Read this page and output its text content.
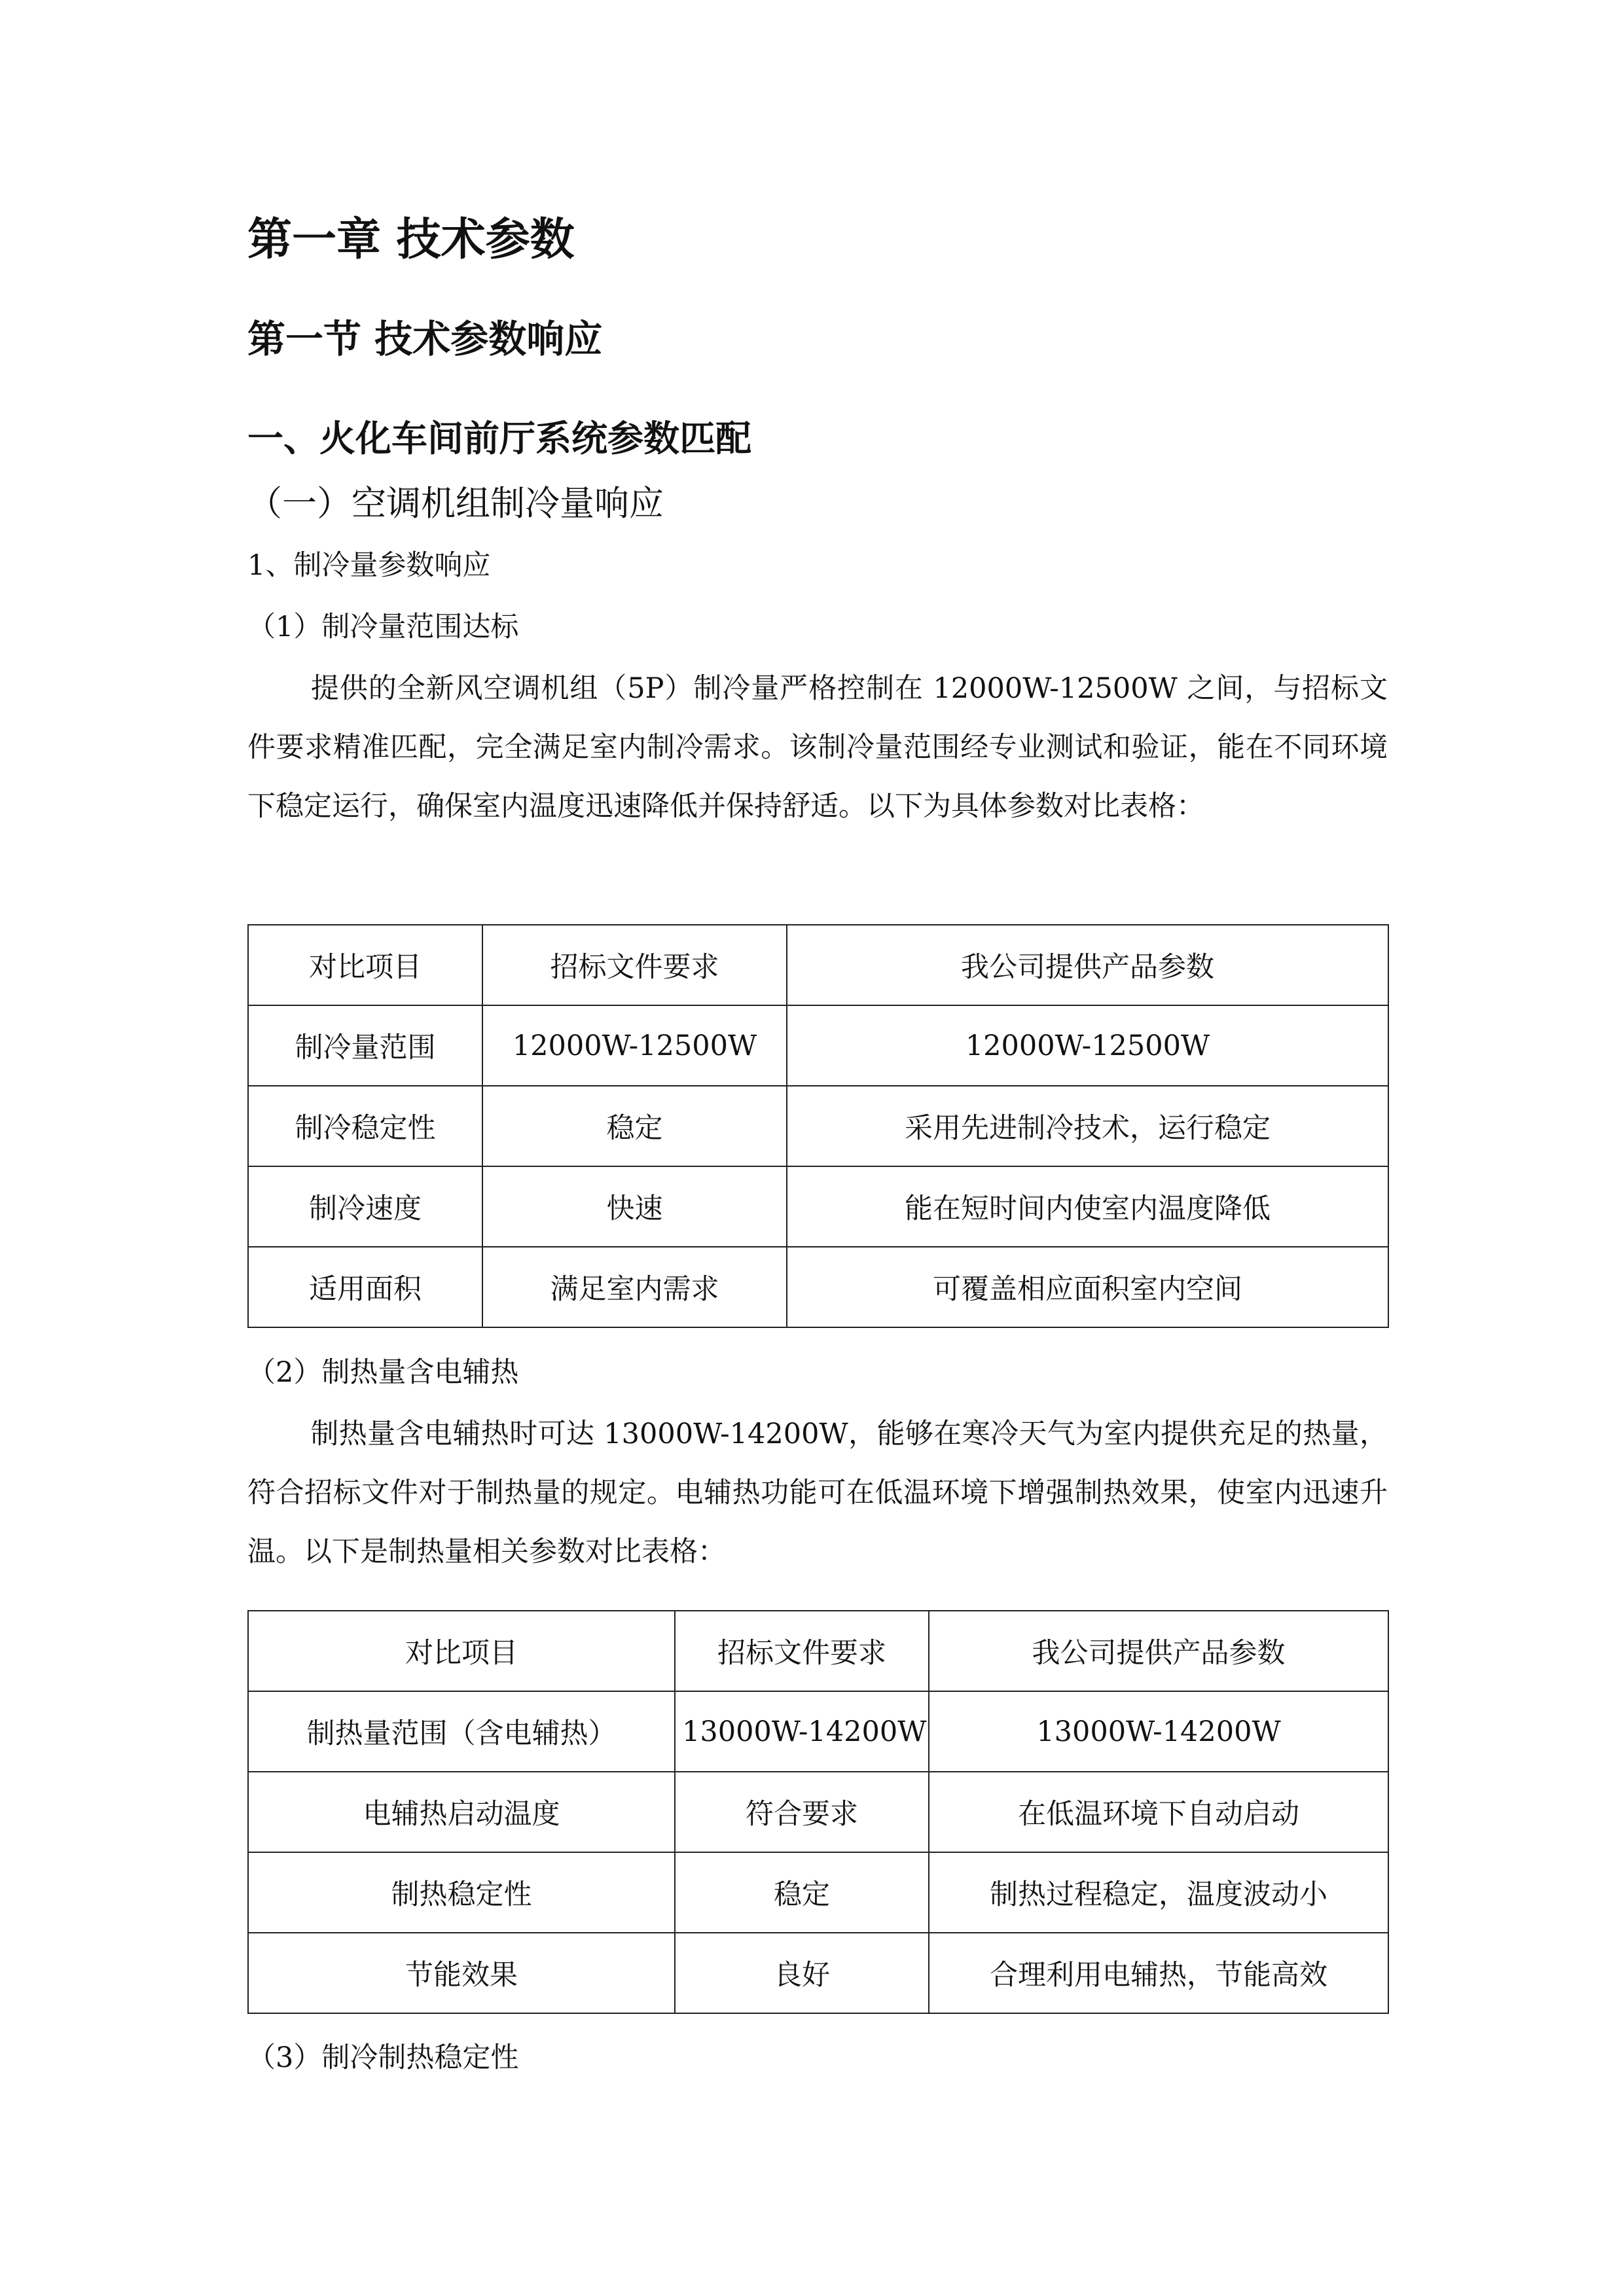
第一章 技术参数
第一节 技术参数响应
一、火化车间前厅系统参数匹配
（一）空调机组制冷量响应
1、制冷量参数响应
（1）制冷量范围达标

提供的全新风空调机组（5P）制冷量严格控制在 12000W-12500W 之间，与招标文件要求精准匹配，完全满足室内制冷需求。该制冷量范围经专业测试和验证，能在不同环境下稳定运行，确保室内温度迅速降低并保持舒适。以下为具体参数对比表格：

对比项目	招标文件要求	我公司提供产品参数
制冷量范围	12000W-12500W	12000W-12500W
制冷稳定性	稳定	采用先进制冷技术，运行稳定
制冷速度	快速	能在短时间内使室内温度降低
适用面积	满足室内需求	可覆盖相应面积室内空间
（2）制热量含电辅热

制热量含电辅热时可达 13000W-14200W，能够在寒冷天气为室内提供充足的热量，符合招标文件对于制热量的规定。电辅热功能可在低温环境下增强制热效果，使室内迅速升温。以下是制热量相关参数对比表格：

对比项目	招标文件要求	我公司提供产品参数
制热量范围（含电辅热）	13000W-14200W	13000W-14200W
电辅热启动温度	符合要求	在低温环境下自动启动
制热稳定性	稳定	制热过程稳定，温度波动小
节能效果	良好	合理利用电辅热，节能高效
（3）制冷制热稳定性
